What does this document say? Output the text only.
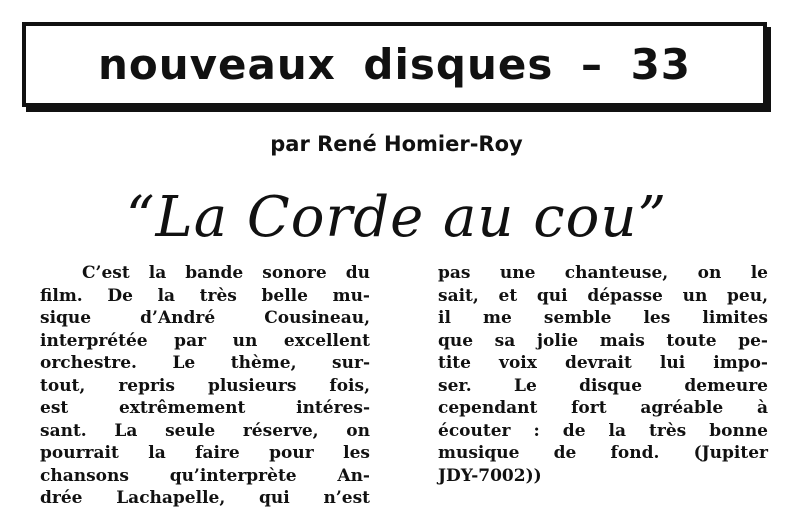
nouveaux disques – 33
par René Homier-Roy
“La Corde au cou”
C’est la bande sonore du
film. De la très belle mu-
sique d’André Cousineau,
interprétée par un excellent
orchestre. Le thème, sur-
tout, repris plusieurs fois,
est extrêmement intéres-
sant. La seule réserve, on
pourrait la faire pour les
chansons qu’interprète An-
drée Lachapelle, qui n’est
pas une chanteuse, on le
sait, et qui dépasse un peu,
il me semble les limites
que sa jolie mais toute pe-
tite voix devrait lui impo-
ser. Le disque demeure
cependant fort agréable à
écouter : de la très bonne
musique de fond. (Jupiter
JDY-7002))
